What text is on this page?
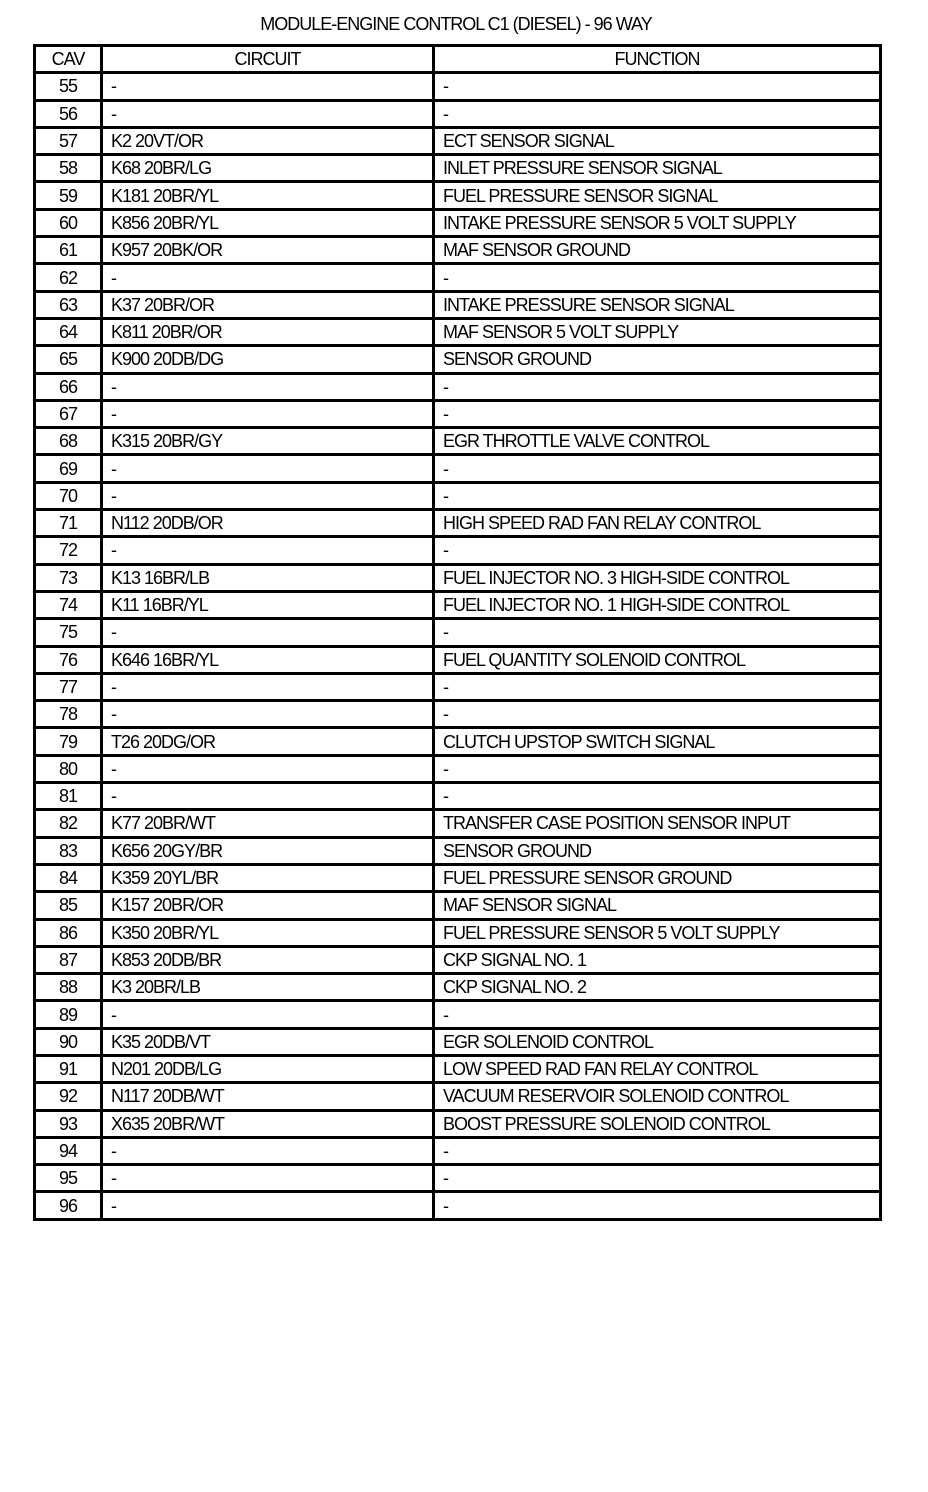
MODULE-ENGINE CONTROL C1 (DIESEL) - 96 WAY
CAV	CIRCUIT	FUNCTION
55	-	-
56	-	-
57	K2 20VT/OR	ECT SENSOR SIGNAL
58	K68 20BR/LG	INLET PRESSURE SENSOR SIGNAL
59	K181 20BR/YL	FUEL PRESSURE SENSOR SIGNAL
60	K856 20BR/YL	INTAKE PRESSURE SENSOR 5 VOLT SUPPLY
61	K957 20BK/OR	MAF SENSOR GROUND
62	-	-
63	K37 20BR/OR	INTAKE PRESSURE SENSOR SIGNAL
64	K811 20BR/OR	MAF SENSOR 5 VOLT SUPPLY
65	K900 20DB/DG	SENSOR GROUND
66	-	-
67	-	-
68	K315 20BR/GY	EGR THROTTLE VALVE CONTROL
69	-	-
70	-	-
71	N112 20DB/OR	HIGH SPEED RAD FAN RELAY CONTROL
72	-	-
73	K13 16BR/LB	FUEL INJECTOR NO. 3 HIGH-SIDE CONTROL
74	K11 16BR/YL	FUEL INJECTOR NO. 1 HIGH-SIDE CONTROL
75	-	-
76	K646 16BR/YL	FUEL QUANTITY SOLENOID CONTROL
77	-	-
78	-	-
79	T26 20DG/OR	CLUTCH UPSTOP SWITCH SIGNAL
80	-	-
81	-	-
82	K77 20BR/WT	TRANSFER CASE POSITION SENSOR INPUT
83	K656 20GY/BR	SENSOR GROUND
84	K359 20YL/BR	FUEL PRESSURE SENSOR GROUND
85	K157 20BR/OR	MAF SENSOR SIGNAL
86	K350 20BR/YL	FUEL PRESSURE SENSOR 5 VOLT SUPPLY
87	K853 20DB/BR	CKP SIGNAL NO. 1
88	K3 20BR/LB	CKP SIGNAL NO. 2
89	-	-
90	K35 20DB/VT	EGR SOLENOID CONTROL
91	N201 20DB/LG	LOW SPEED RAD FAN RELAY CONTROL
92	N117 20DB/WT	VACUUM RESERVOIR SOLENOID CONTROL
93	X635 20BR/WT	BOOST PRESSURE SOLENOID CONTROL
94	-	-
95	-	-
96	-	-
